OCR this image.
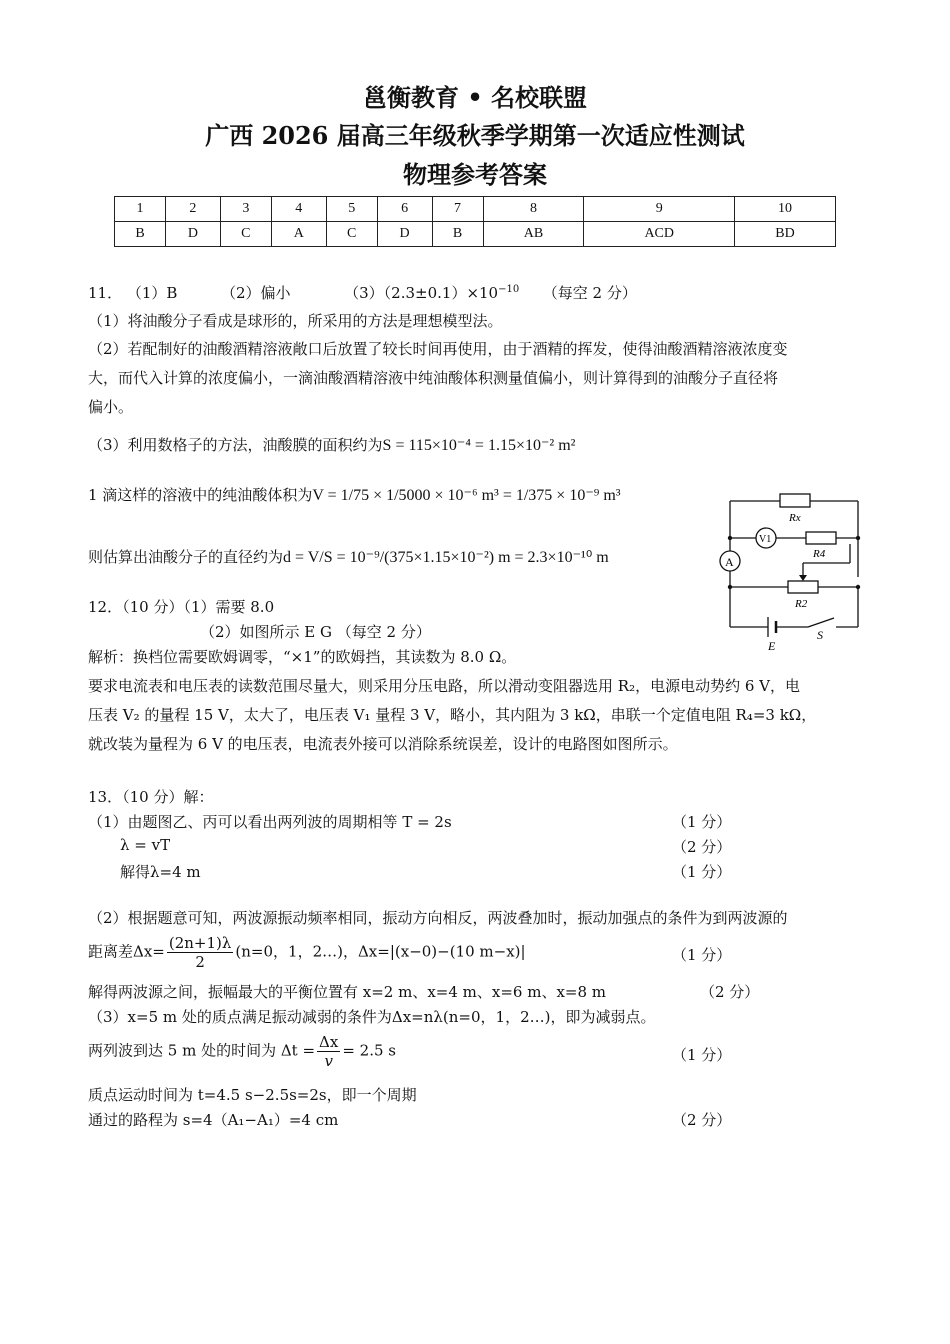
邕衡教育 • 名校联盟
广西 2026 届高三年级秋季学期第一次适应性测试
物理参考答案
1	2	3	4	5	6	7	8	9	10
B	D	C	A	C	D	B	AB	ACD	BD
11． （1）B	（2）偏小	$(3)(2.3\pm 0.1)\times 10^{-10}$ （每空 2 分）
（1）将油酸分子看成是球形的，所采用的方法是理想模型法。
（2）若配制好的油酸酒精溶液敞口后放置了较长时间再使用，由于酒精的挥发，使得油酸酒精溶液浓度变
大，而代入计算的浓度偏小，一滴油酸酒精溶液中纯油酸体积测量值偏小，则计算得到的油酸分子直径将
偏小。
（3）利用数格子的方法，油酸膜的面积约为S = 115×10⁻⁴ = 1.15×10⁻² m²
1 滴这样的溶液中的纯油酸体积为V = 1/75 × 1/5000 × 10⁻⁶ m³ = 1/375 × 10⁻⁹ m³
则估算出油酸分子的直径约为d = V/S = 10⁻⁹/(375×1.15×10⁻²) m = 2.3×10⁻¹⁰ m
Rx
V1
R4
A
R2
E
S
12．（10 分）（1）需要 8.0
（2）如图所示 E G （每空 2 分）
解析：换档位需要欧姆调零，“×1”的欧姆挡，其读数为 8.0 Ω。
要求电流表和电压表的读数范围尽量大，则采用分压电路，所以滑动变阻器选用 R₂，电源电动势约 6 V，电
压表 V₂ 的量程 15 V，太大了，电压表 V₁ 量程 3 V，略小，其内阻为 3 kΩ，串联一个定值电阻 R₄=3 kΩ，
就改装为量程为 6 V 的电压表，电流表外接可以消除系统误差，设计的电路图如图所示。
13．（10 分）解：
（1）由题图乙、丙可以看出两列波的周期相等 T = 2s	（1 分）
λ = vT	（2 分）
解得λ=4 m	（1 分）
（2）根据题意可知，两波源振动频率相同，振动方向相反，两波叠加时，振动加强点的条件为到两波源的
距离差$\Delta x= \frac{(2n+1)\lambda}{2} (n=0$，1，2…)，Δx=|(x−0)−(10 m−x)|	（1 分）
解得两波源之间，振幅最大的平衡位置有 x=2 m、x=4 m、x=6 m、x=8 m	（2 分）
（3）x=5 m 处的质点满足振动减弱的条件为Δx=nλ(n=0，1，2…)，即为减弱点。
两列波到达 5 m 处的时间为 $\Delta t = \frac{\Delta x}{v} = 2.5$ s	（1 分）
质点运动时间为 t=4.5 s−2.5s=2s，即一个周期
通过的路程为 s=4（A₁−A₁）=4 cm	（2 分）
